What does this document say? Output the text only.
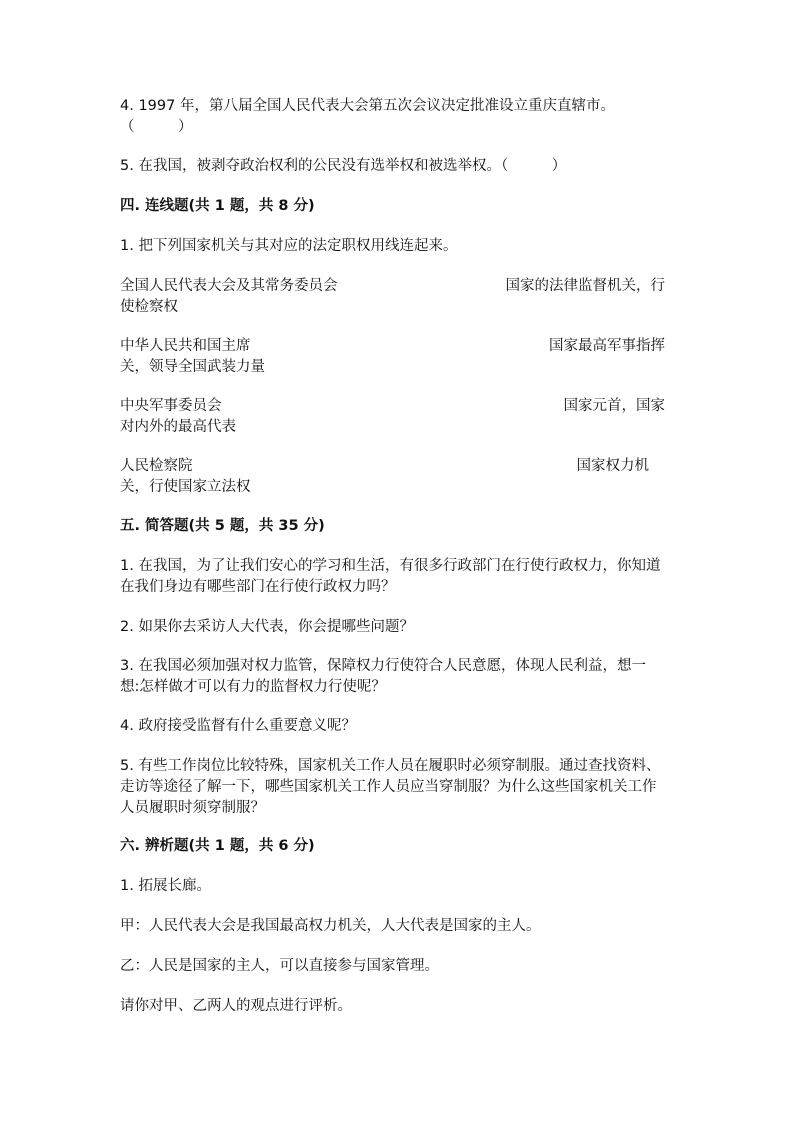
4. 1997 年，第八届全国人民代表大会第五次会议决定批准设立重庆直辖市。
（　　　）
5. 在我国，被剥夺政治权利的公民没有选举权和被选举权。（　　　）
四. 连线题(共 1 题，共 8 分)
1. 把下列国家机关与其对应的法定职权用线连起来。
全国人民代表大会及其常务委员会	国家的法律监督机关，行
使检察权
中华人民共和国主席	国家最高军事指挥
关，领导全国武装力量
中央军事委员会	国家元首，国家
对内外的最高代表
人民检察院	国家权力机
关，行使国家立法权
五. 简答题(共 5 题，共 35 分)
1. 在我国，为了让我们安心的学习和生活，有很多行政部门在行使行政权力，你知道在我们身边有哪些部门在行使行政权力吗？
2. 如果你去采访人大代表，你会提哪些问题？
3. 在我国必须加强对权力监管，保障权力行使符合人民意愿，体现人民利益，想一想:怎样做才可以有力的监督权力行使呢？
4. 政府接受监督有什么重要意义呢？
5. 有些工作岗位比较特殊，国家机关工作人员在履职时必须穿制服。通过查找资料、走访等途径了解一下，哪些国家机关工作人员应当穿制服？为什么这些国家机关工作人员履职时须穿制服？
六. 辨析题(共 1 题，共 6 分)
1. 拓展长廊。
甲：人民代表大会是我国最高权力机关，人大代表是国家的主人。
乙：人民是国家的主人，可以直接参与国家管理。
请你对甲、乙两人的观点进行评析。
